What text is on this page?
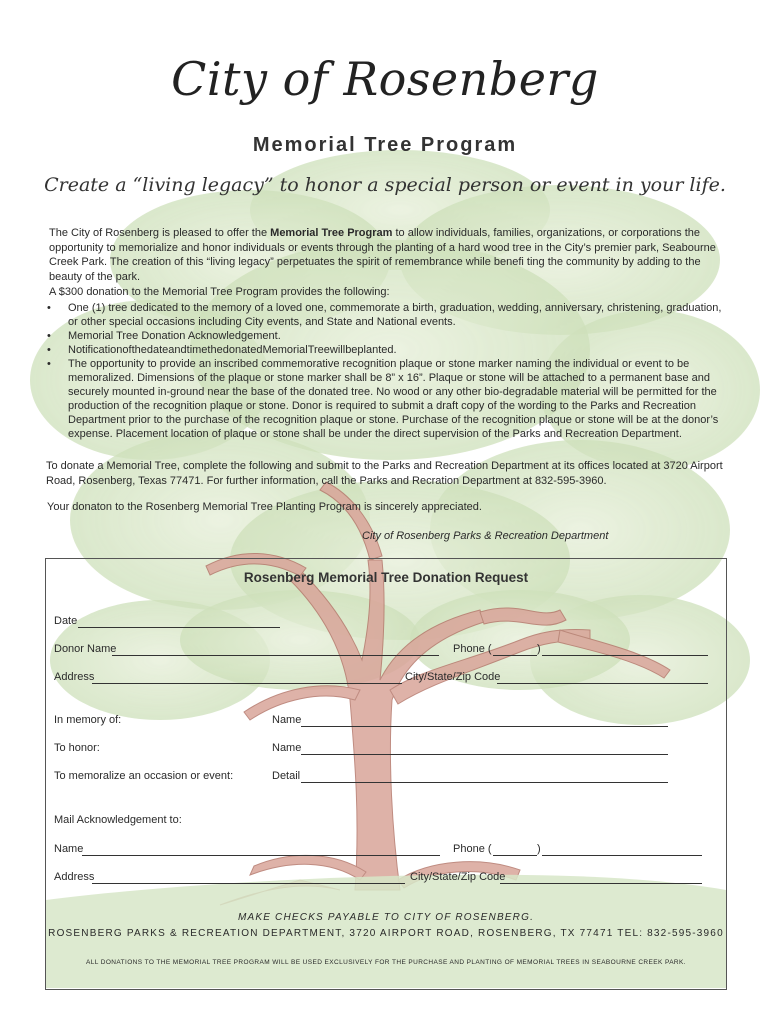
City of Rosenberg
Memorial Tree Program
Create a “living legacy” to honor a special person or event in your life.
The City of Rosenberg is pleased to offer the Memorial Tree Program to allow individuals, families, organizations, or corporations the opportunity to memorialize and honor individuals or events through the planting of a hard wood tree in the City’s premier park, Seabourne Creek Park. The creation of this “living legacy” perpetuates the spirit of remembrance while benefi ting the community by adding to the beauty of the park.
A $300 donation to the Memorial Tree Program provides the following:
• One (1) tree dedicated to the memory of a loved one, commemorate a birth, graduation, wedding, anniversary, christening, graduation, or other special occasions including City events, and State and National events.
• Memorial Tree Donation Acknowledgement.
• NotificationofthedateandtimethedonatedMemorialTreewillbeplanted.
• The opportunity to provide an inscribed commemorative recognition plaque or stone marker naming the individual or event to be memoralized. Dimensions of the plaque or stone marker shall be 8” x 16”. Plaque or stone will be attached to a permanent base and securely mounted in-ground near the base of the donated tree. No wood or any other bio-degradable material will be permitted for the production of the recognition plaque or stone. Donor is required to submit a draft copy of the wording to the Parks and Recreation Department prior to the purchase of the recognition plaque or stone. Purchase of the recognition plaque or stone will be at the donor’s expense. Placement location of plaque or stone shall be under the direct supervision of the Parks and Recreation Department.
To donate a Memorial Tree, complete the following and submit to the Parks and Recreation Department at its offices located at 3720 Airport Road, Rosenberg, Texas 77471. For further information, call the Parks and Recration Department at 832-595-3960.
Your donaton to the Rosenberg Memorial Tree Planting Program is sincerely appreciated.
City of Rosenberg Parks & Recreation Department
Rosenberg Memorial Tree Donation Request
Date
Donor Name	Phone (	)
Address	City/State/Zip Code
In memory of:	Name
To honor:	Name
To memoralize an occasion or event:	Detail
Mail Acknowledgement to:
Name	Phone (	)
Address	City/State/Zip Code
MAKE CHECKS PAYABLE TO CITY OF ROSENBERG.
ROSENBERG PARKS & RECREATION DEPARTMENT, 3720 AIRPORT ROAD, ROSENBERG, TX 77471 TEL: 832-595-3960
ALL DONATIONS TO THE MEMORIAL TREE PROGRAM WILL BE USED EXCLUSIVELY FOR THE PURCHASE AND PLANTING OF MEMORIAL TREES IN SEABOURNE CREEK PARK.
